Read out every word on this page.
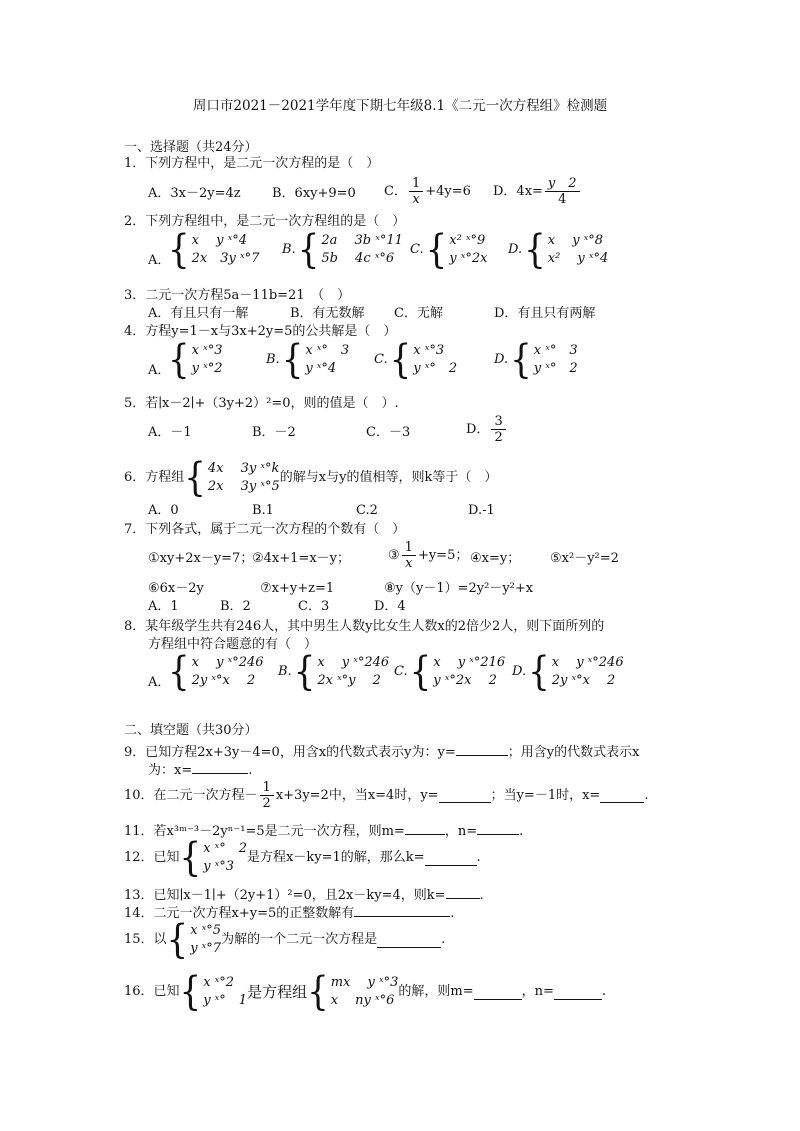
周口市2021－2021学年度下期七年级8.1《二元一次方程组》检测题
一、选择题（共24分）
1．下列方程中，是二元一次方程的是（　）
A．3x－2y=4z B．6xy+9=0 C． $\frac{1}{x} +4y=6$ D．$4x= \frac{y 2}{4}$
2．下列方程组中，是二元一次方程组的是（　）
A．
{ x　 y ˣ°4
2x　3y ˣ°7
B. { 2a　 3b ˣ°11
5b　 4c ˣ°6
C. { x² ˣ°9
y ˣ°2x
D. { x　 y ˣ°8
x²　 y ˣ°4
3．二元一次方程5a－11b=21　（　）
A．有且只有一解	B．有无数解 C．无解	D．有且只有两解
4．方程y=1－x与3x+2y=5的公共解是（　）
A．
{ x ˣ°3
y ˣ°2
B. { x ˣ°　3
y ˣ°4
C. { x ˣ°3
y ˣ°　2
D. { x ˣ°　3
y ˣ°　2
5．若∣x－2∣+（3y+2）²=0，则的值是（　）.
A．－1	B．－2	C．－3	D． $\frac{3}{2}$
6．方程组 { 4x　 3y ˣ°k
2x　 3y ˣ°5
的解与x与y的值相等，则k等于（　）
A．0	B.1	C.2	D.-1
7．下列各式，属于二元一次方程的个数有（　）
①xy+2x－y=7；
②4x+1=x－y；	③ $\frac{1}{x} +y=5$； ④x=y； ⑤x²－y²=2
⑥6x－2y	⑦x+y+z=1	⑧y（y－1）=2y²－y²+x
A．1	B．2	C．3	D．4
8．某年级学生共有246人，其中男生人数y比女生人数x的2倍少2人，则下面所列的
方程组中符合题意的有（　）
A．
{ x　 y ˣ°246
2y ˣ°x　 2
B. { x　 y ˣ°246
2x ˣ°y　 2
C. { x　 y ˣ°216
y ˣ°2x　 2
D. { x　 y ˣ°246
2y ˣ°x　 2
二、填空题（共30分）
9．已知方程2x+3y－4=0，用含x的代数式表示y为：y=	；用含y的代数式表示x
为：x=	.
10．在二元一次方程－ $\frac{1}{2} x+3y=2$中，当x=4时，y=	；当y=－1时，x=	.
11．若x³ᵐ⁻³－2yⁿ⁻¹=5是二元一次方程，则m=	，n=	.
12．已知 { x ˣ°　2
y ˣ°3
是方程x－ky=1的解，那么k=	.
13．已知∣x－1∣+（2y+1）²=0，且2x－ky=4，则k=	.
14．二元一次方程x+y=5的正整数解有	.
15．以 { x ˣ°5
y ˣ°7
为解的一个二元一次方程是	.
16．已知 { x ˣ°2
y ˣ°　1 是方程组 { mx　 y ˣ°3
x　 ny ˣ°6
的解，则m=	，n=	.
